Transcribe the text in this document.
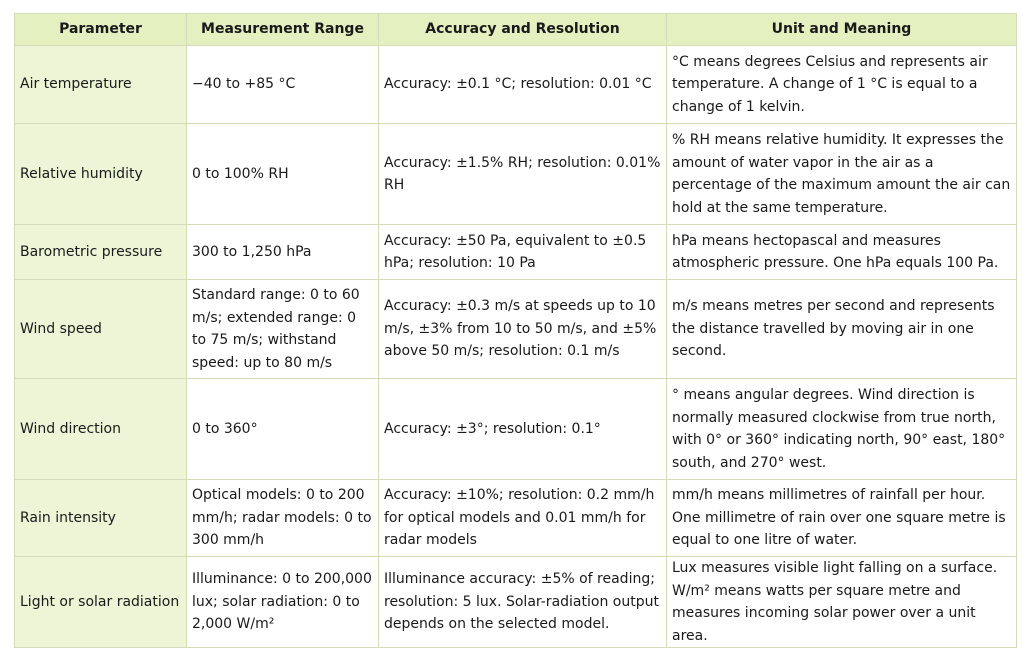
Parameter	Measurement Range	Accuracy and Resolution	Unit and Meaning
Air temperature	−40 to +85 °C	Accuracy: ±0.1 °C; resolution: 0.01 °C	°C means degrees Celsius and represents air temperature. A change of 1 °C is equal to a change of 1 kelvin.
Relative humidity	0 to 100% RH	Accuracy: ±1.5% RH; resolution: 0.01% RH	% RH means relative humidity. It expresses the amount of water vapor in the air as a percentage of the maximum amount the air can hold at the same temperature.
Barometric pressure	300 to 1,250 hPa	Accuracy: ±50 Pa, equivalent to ±0.5 hPa; resolution: 10 Pa	hPa means hectopascal and measures atmospheric pressure. One hPa equals 100 Pa.
Wind speed	Standard range: 0 to 60 m/s; extended range: 0 to 75 m/s; withstand speed: up to 80 m/s	Accuracy: ±0.3 m/s at speeds up to 10 m/s, ±3% from 10 to 50 m/s, and ±5% above 50 m/s; resolution: 0.1 m/s	m/s means metres per second and represents the distance travelled by moving air in one second.
Wind direction	0 to 360°	Accuracy: ±3°; resolution: 0.1°	° means angular degrees. Wind direction is normally measured clockwise from true north, with 0° or 360° indicating north, 90° east, 180° south, and 270° west.
Rain intensity	Optical models: 0 to 200 mm/h; radar models: 0 to 300 mm/h	Accuracy: ±10%; resolution: 0.2 mm/h for optical models and 0.01 mm/h for radar models	mm/h means millimetres of rainfall per hour. One millimetre of rain over one square metre is equal to one litre of water.
Light or solar radiation	Illuminance: 0 to 200,000 lux; solar radiation: 0 to 2,000 W/m²	Illuminance accuracy: ±5% of reading; resolution: 5 lux. Solar-radiation output depends on the selected model.	Lux measures visible light falling on a surface. W/m² means watts per square metre and measures incoming solar power over a unit area.
